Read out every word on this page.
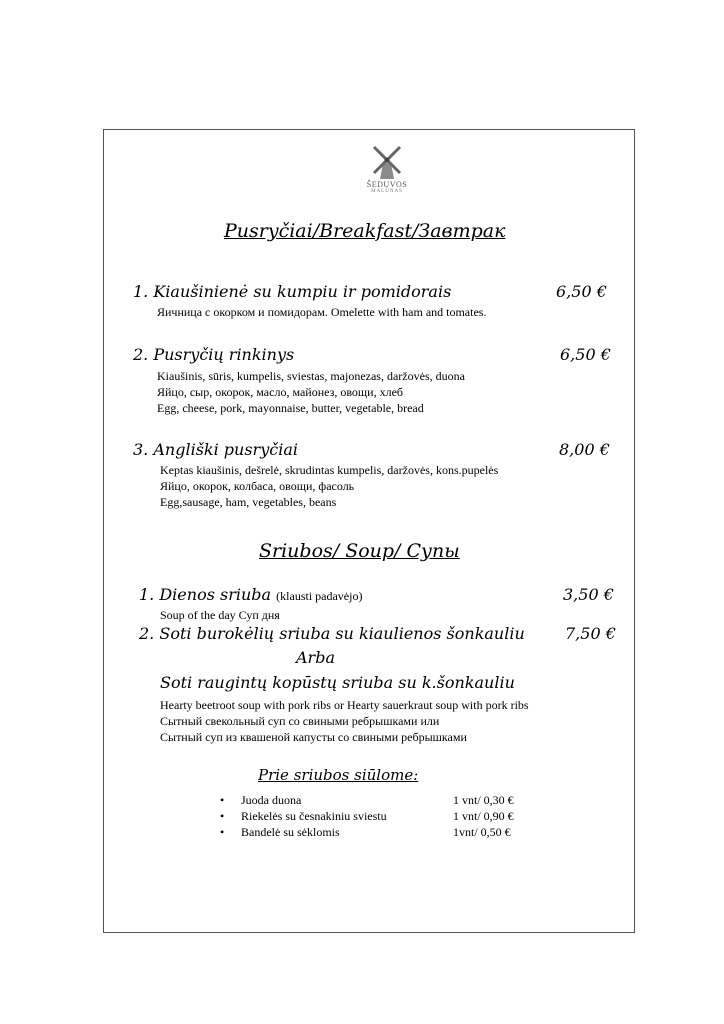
ŠEDUVOS
MALŪNAS
Pusryčiai/Breakfast/Завтрак
1. Kiaušinienė su kumpiu ir pomidorais	6,50 €
Яичница с окорком и помидорам. Omelette with ham and tomates.
2. Pusryčių rinkinys	6,50 €
Kiaušinis, sūris, kumpelis, sviestas, majonezas, daržovės, duona
Яйцо, сыр, окорок, масло, майонез, овощи, хлеб
Egg, cheese, pork, mayonnaise, butter, vegetable, bread
3. Angliški pusryčiai	8,00 €
Keptas kiaušinis, dešrelė, skrudintas kumpelis, daržovės, kons.pupelės
Яйцо, окорок, колбаса, овощи, фасоль
Egg,sausage, ham, vegetables, beans
Sriubos/ Soup/ Супы
1. Dienos sriuba (klausti padavėjo)	3,50 €
Soup of the day Суп дня
2. Soti burokėlių sriuba su kiaulienos šonkauliu	7,50 €
Arba
Soti raugintų kopūstų sriuba su k.šonkauliu
Hearty beetroot soup with pork ribs or Hearty sauerkraut soup with pork ribs
Сытный свекольный суп со свиными ребрышками или
Сытный суп из квашеной капусты со свиными ребрышками
Prie sriubos siūlome:
• Juoda duona	1 vnt/ 0,30 €
• Riekelės su česnakiniu sviestu	1 vnt/ 0,90 €
• Bandelė su sėklomis	1vnt/ 0,50 €
